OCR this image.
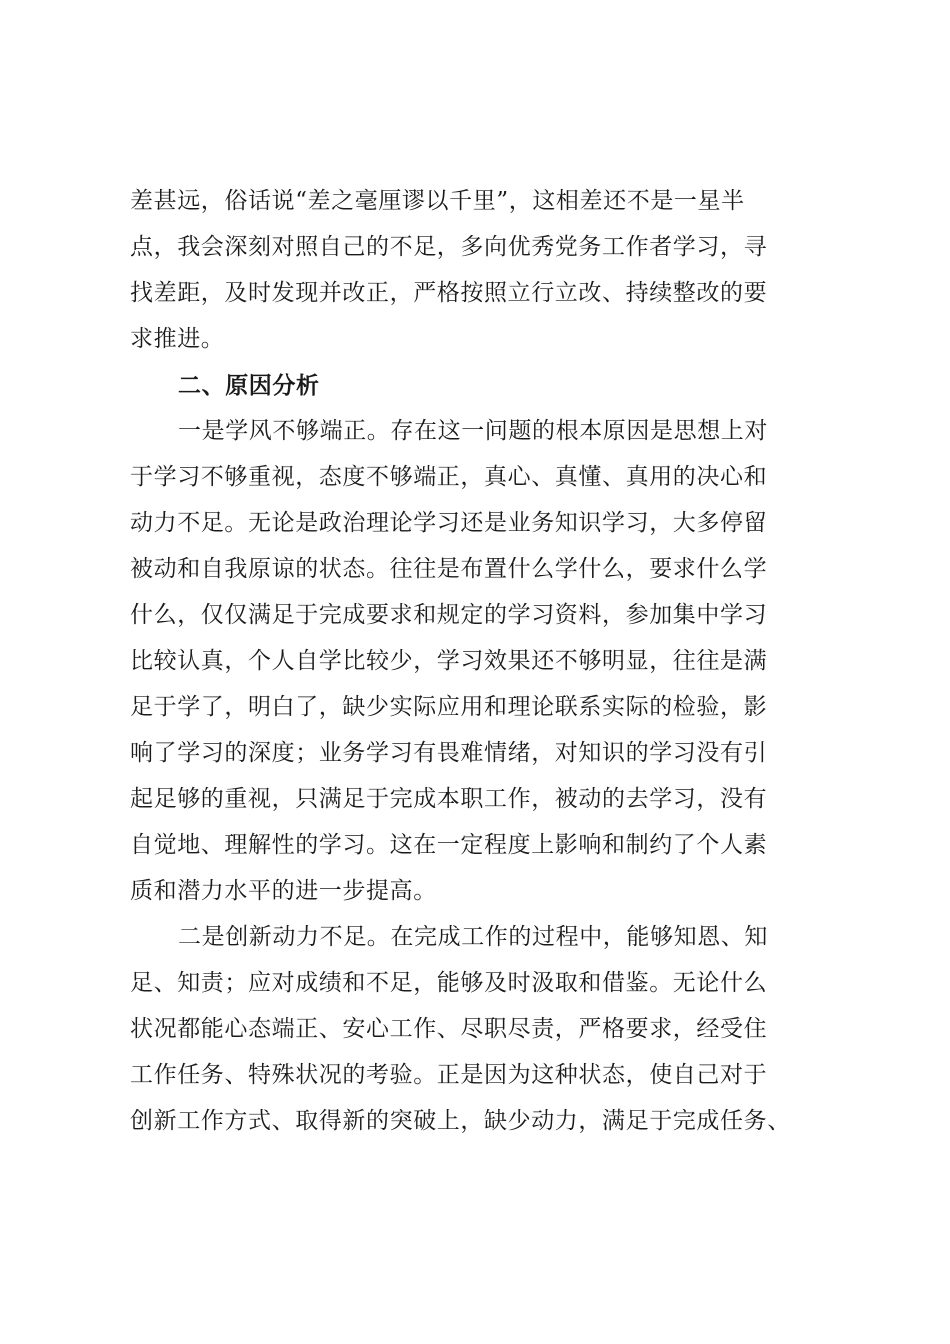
差甚远，俗话说“差之毫厘谬以千里”，这相差还不是一星半
点，我会深刻对照自己的不足，多向优秀党务工作者学习，寻
找差距，及时发现并改正，严格按照立行立改、持续整改的要
求推进。
二、原因分析
一是学风不够端正。存在这一问题的根本原因是思想上对
于学习不够重视，态度不够端正，真心、真懂、真用的决心和
动力不足。无论是政治理论学习还是业务知识学习，大多停留
被动和自我原谅的状态。往往是布置什么学什么，要求什么学
什么，仅仅满足于完成要求和规定的学习资料，参加集中学习
比较认真，个人自学比较少，学习效果还不够明显，往往是满
足于学了，明白了，缺少实际应用和理论联系实际的检验，影
响了学习的深度；业务学习有畏难情绪，对知识的学习没有引
起足够的重视，只满足于完成本职工作，被动的去学习，没有
自觉地、理解性的学习。这在一定程度上影响和制约了个人素
质和潜力水平的进一步提高。
二是创新动力不足。在完成工作的过程中，能够知恩、知
足、知责；应对成绩和不足，能够及时汲取和借鉴。无论什么
状况都能心态端正、安心工作、尽职尽责，严格要求，经受住
工作任务、特殊状况的考验。正是因为这种状态，使自己对于
创新工作方式、取得新的突破上，缺少动力，满足于完成任务、
